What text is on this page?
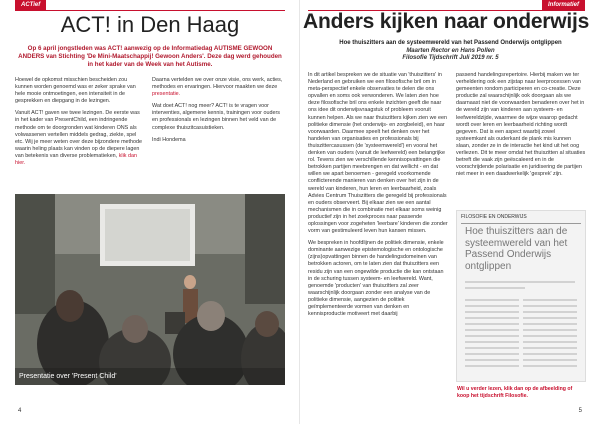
ACTief
ACT! in Den Haag
Op 6 april jongstleden was ACT! aanwezig op de Informatiedag AUTISME GEWOON ANDERS van Stichting 'De Mini-Maatschappij! Gewoon Anders'. Deze dag werd gehouden in het kader van de Week van het Autisme.

Hoewel de opkomst misschien bescheiden zou kunnen worden genoemd was er zeker sprake van hele mooie ontmoetingen, een intensiteit in de gesprekken en diepgang in de lezingen.

Vanuit ACT! gaven we twee lezingen. De eerste was in het kader van PresentChild, een indringende methode om te doorgronden wat kinderen ONS als volwassenen vertellen middels gedrag, ziekte, spel etc. Wij je meer weten over deze bijzondere methode waarin heling plaats kan vinden op de diepere lagen van betekenis van diverse problematieken, klik dan hier.

Daarna vertelden we over onze visie, ons werk, acties, methodes en ervaringen. Hiervoor maakten we deze presentatie.

Wat doet ACT! nog meer? ACT! is te vragen voor interventies, algemene kennis, trainingen voor ouders en professionals en lezingen binnen het veld van de complexe thuiszitcasuistieken.

Indi Hondema

Presentatie over 'Present Child'
4
Informatief
Anders kijken naar onderwijs
Hoe thuiszitters aan de systeemwereld van het Passend Onderwijs ontglippen
Maarten Rector en Hans Pollen
Filosofie Tijdschrift Juli 2019 nr. 5

In dit artikel bespreken we de situatie van 'thuiszitters' in Nederland en gebruiken we een filosofische bril om in meta-perspectief enkele observaties te delen die ons opvallen en soms ook verwonderen. We laten zien hoe deze filosofische bril ons enkele inzichten geeft die naar ons idee dit onderwijsvraagstuk of probleem vooruit kunnen helpen. Als we naar thuiszitters kijken zien we een politieke dimensie (het onderwijs- en zorgbeleid), en haar voorwaarden. Daarmee speelt het denken over het handelen van organisaties en professionals bij thuiszittercasussen (de 'systeemwereld') en vooral het denken van ouders (vanuit de leefwereld) een belangrijke rol. Tevens zien we verschillende kennisopvattingen die betrokken partijen meebrengen en dat wellicht - en dat willen we apart benoemen - geregeld voorkomende conflicterende manieren van denken over het zijn in de wereld van kinderen, hun leren en leerbaarheid, zoals Advies Centrum Thuiszitters die geregeld bij professionals en ouders observeert. Bij elkaar zien we een aantal mechanismen die in combinatie met elkaar soms weinig productief zijn in het zoekproces naar passende oplossingen voor zogeheten 'leerbare' kinderen die zonder vorm van gestimuleerd leven hun kansen missen.

We bespreken in hoofdlijnen de politiek dimensie, enkele dominante aanwezige epistemologische en ontologische (zijns)opvattingen binnen de handelingsdomeinen van betrokken actoren, om te laten zien dat thuiszitters een residu zijn van een ongewilde productie die kan ontstaan in de schuring tussen systeem- en leefwereld. Want, genoemde 'producten' van thuiszitters zal zeer waarschijnlijk doorgaan zonder een analyse van de politieke dimensie, aangezien de politiek geïmplementeerde vormen van denken en kennisproductie motiveert met daarbij

passend handelingsrepertoire. Hierbij maken we ter verheldering ook een zijstap naar leerprocessen van gemeenten rondom participeren en co-creatie. Deze productie zal waarschijnlijk ook doorgaan als we daarnaast niet de voorwaarden benaderen over het in de wereld zijn van kinderen aan systeem- en leefwereldzijde, waarmee de wijze waarop gedacht wordt over leren en leerbaarheid richting wordt gegeven. Dat is een aspect waarbij zowel systeemkant als ouderkant de plank mis kunnen slaan, zonder ze in de interactie het kind uit het oog verliezen. Dit te meer omdat het thuiszitten al situaties betreft die vaak zijn geëscaleerd en in de voorschrijdende polarisatie en juridisering de partijen niet meer in een daadwerkelijk 'gesprek' zijn.

FILOSOFIE EN ONDERWIJS
Hoe thuiszitters aan de systeemwereld van het Passend Onderwijs ontglippen
Wil u verder lezen, klik dan op de afbeelding of koop het tijdschrift Filosofie.
5
